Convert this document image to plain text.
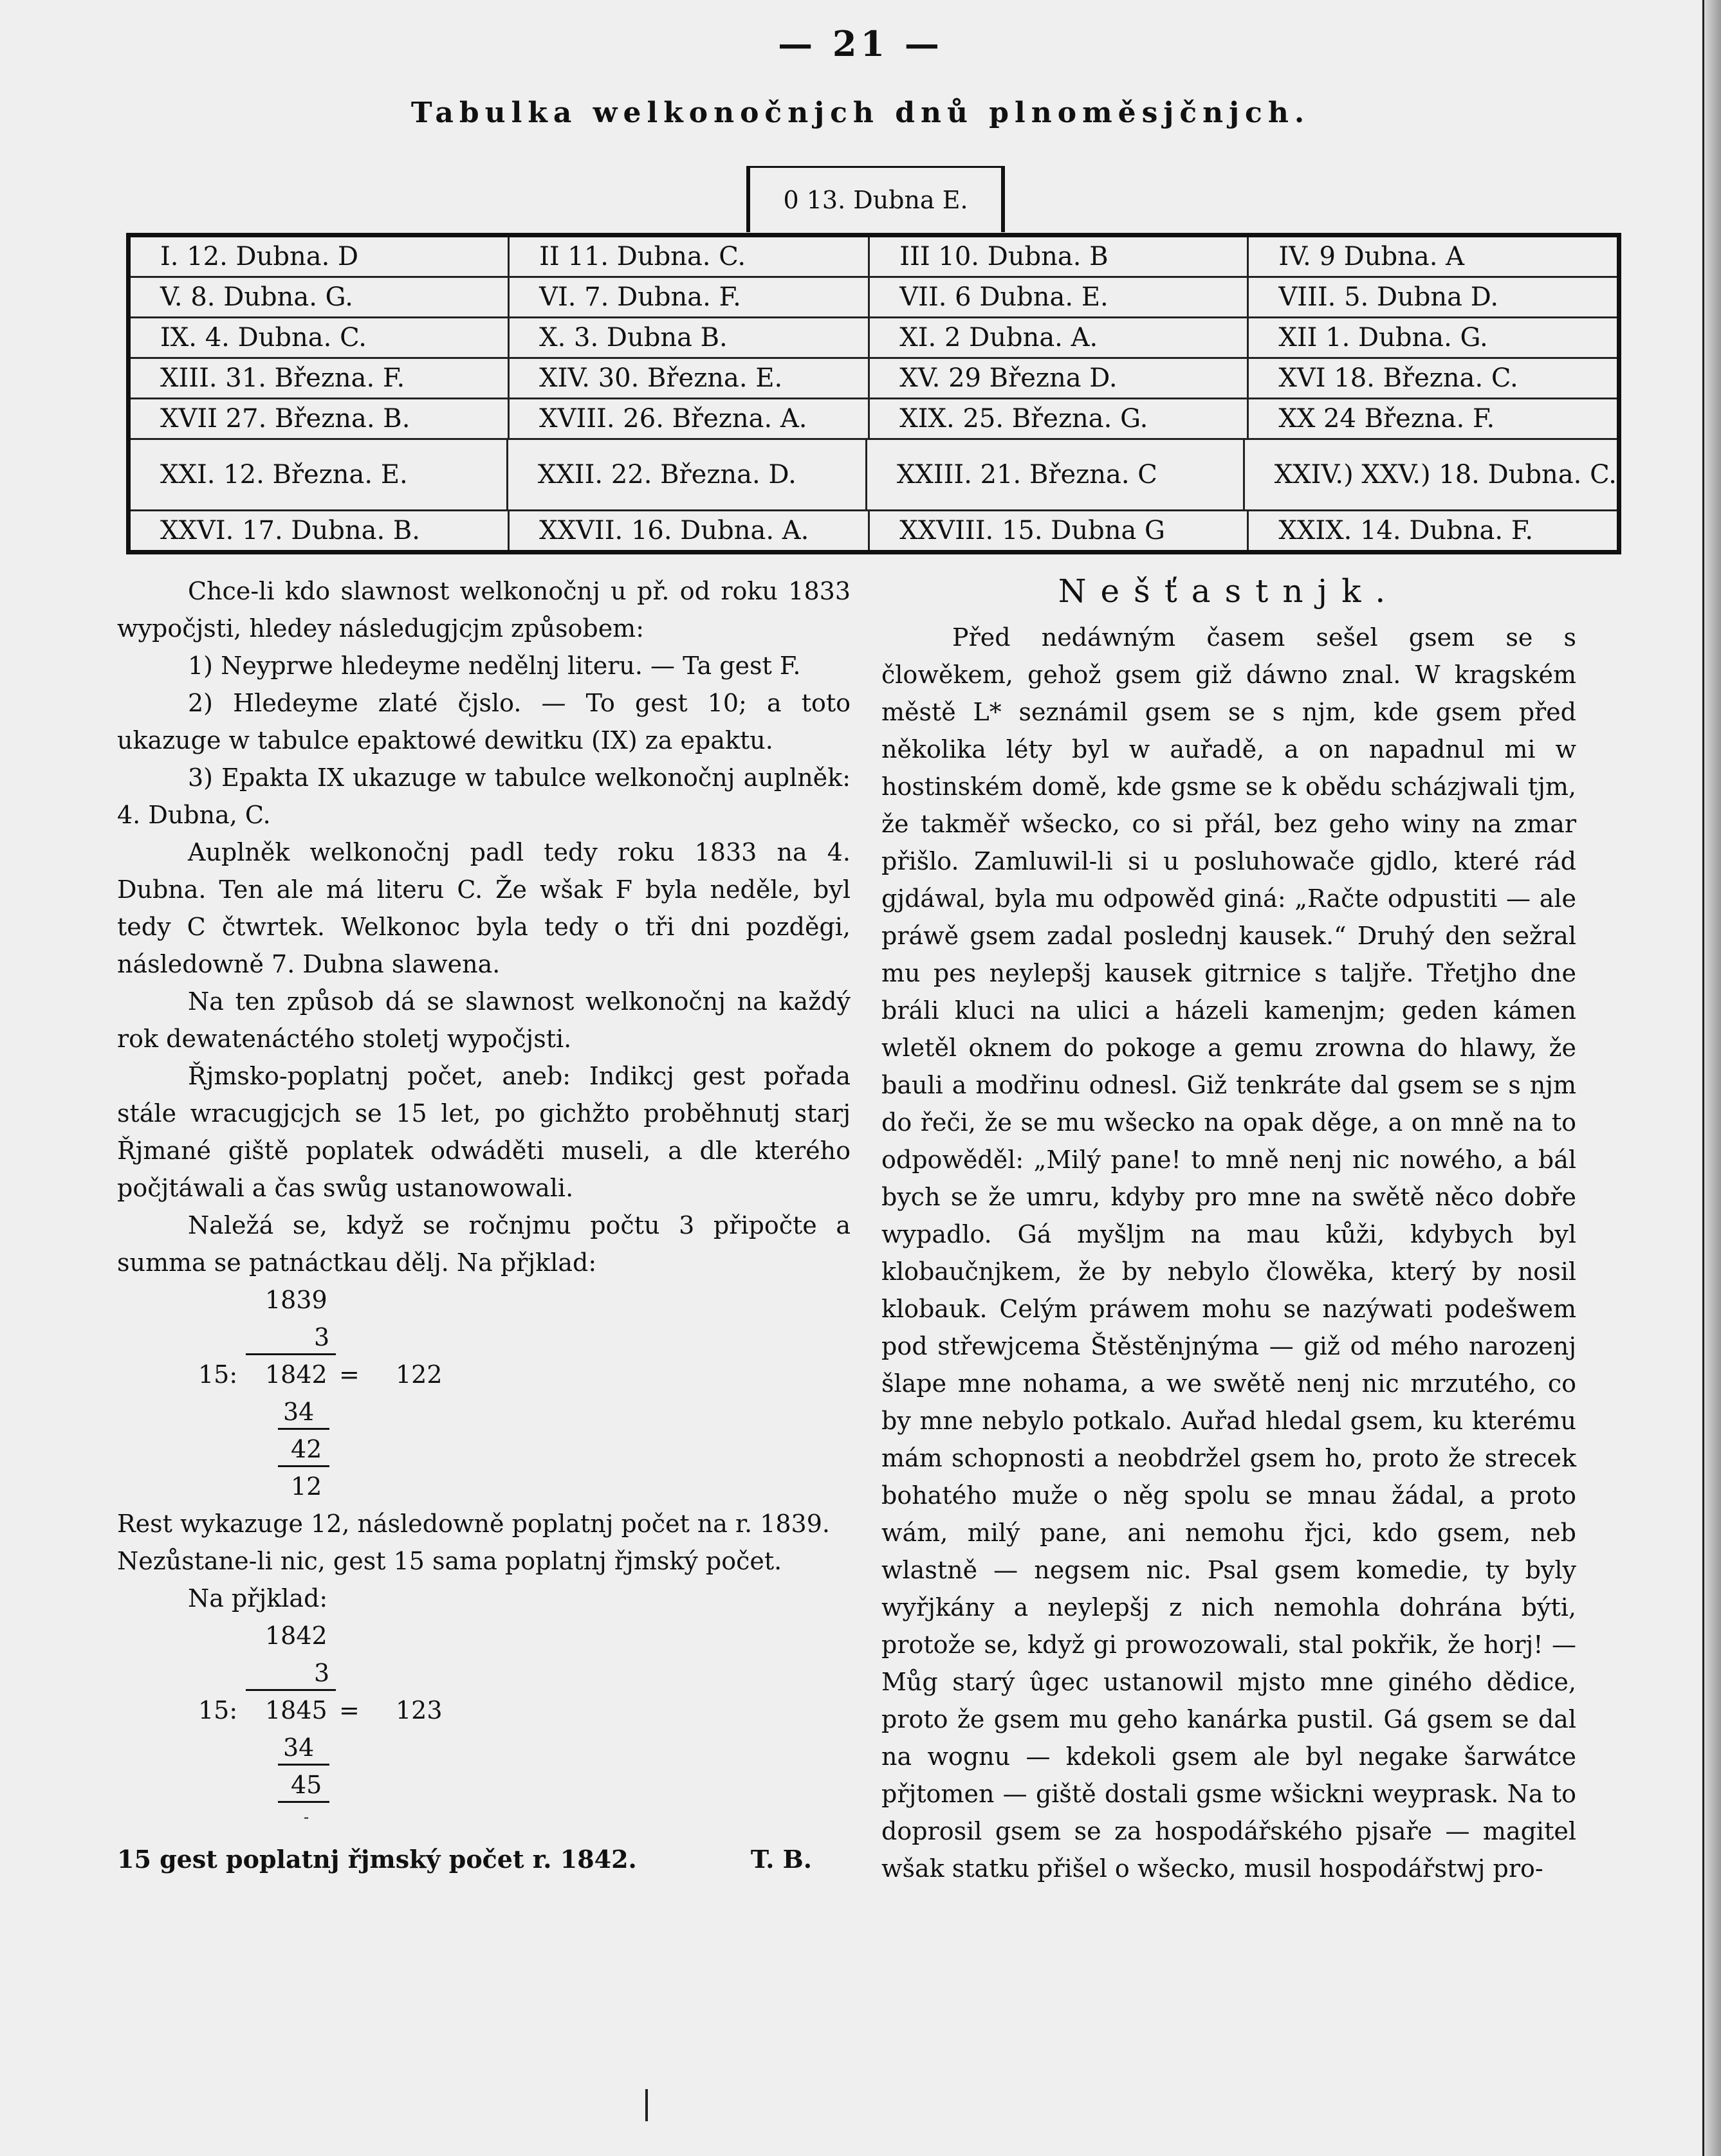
— 21 —
Tabulka welkonočnjch dnů plnoměsjčnjch.
0 13. Dubna E.
I. 12. Dubna. D	II 11. Dubna. C.	III 10. Dubna. B	IV. 9 Dubna. A
V. 8. Dubna. G.	VI. 7. Dubna. F.	VII. 6 Dubna. E.	VIII. 5. Dubna D.
IX. 4. Dubna. C.	X. 3. Dubna B.	XI. 2 Dubna. A.	XII 1. Dubna. G.
XIII. 31. Března. F.	XIV. 30. Března. E.	XV. 29 Března D.	XVI 18. Března. C.
XVII 27. Března. B.	XVIII. 26. Března. A.	XIX. 25. Března. G.	XX 24 Března. F.
XXI. 12. Března. E.	XXII. 22. Března. D.	XXIII. 21. Března. C	XXIV.) XXV.) 18. Dubna. C.
XXVI. 17. Dubna. B.	XXVII. 16. Dubna. A.	XXVIII. 15. Dubna G	XXIX. 14. Dubna. F.

Chce-li kdo slawnost welkonočnj u př. od roku 1833 wypočjsti, hledey následugjcjm způsobem:

1) Neyprwe hledeyme nedělnj literu. — Ta gest F.

2) Hledeyme zlaté čjslo. — To gest 10; a toto ukazuge w tabulce epaktowé dewitku (IX) za epaktu.

3) Epakta IX ukazuge w tabulce welkonočnj auplněk: 4. Dubna, C.

Auplněk welkonočnj padl tedy roku 1833 na 4. Dubna. Ten ale má literu C. Že wšak F byla neděle, byl tedy C čtwrtek. Welkonoc byla tedy o tři dni pozděgi, následowně 7. Dubna slawena.

Na ten způsob dá se slawnost welkonočnj na každý rok dewatenáctého stoletj wypočjsti.

Řjmsko-poplatnj počet, aneb: Indikcj gest pořada stále wracugjcjch se 15 let, po gichžto proběhnutj starj Řjmané giště poplatek odwáděti museli, a dle kterého počjtáwali a čas swůg ustanowowali.

Naležá se, když se ročnjmu počtu 3 připočte a summa se patnáctkau dělj. Na přjklad:

1839
3
15: 1842 = 122
34
42
12

Rest wykazuge 12, následowně poplatnj počet na r. 1839.

Nezůstane-li nic, gest 15 sama poplatnj řjmský počet.

Na přjklad:

1842
3
15: 1845 = 123
34
45
-

15 gest poplatnj řjmský počet r. 1842.	T. B.

Nešťastnjk.

Před nedáwným časem sešel gsem se s člowěkem, gehož gsem giž dáwno znal. W kragském městě L* seznámil gsem se s njm, kde gsem před několika léty byl w auřadě, a on napadnul mi w hostinském domě, kde gsme se k obědu scházjwali tjm, že takměř wšecko, co si přál, bez geho winy na zmar přišlo. Zamluwil-li si u posluhowače gjdlo, které rád gjdáwal, byla mu odpowěd giná: „Račte odpustiti — ale práwě gsem zadal poslednj kausek.“ Druhý den sežral mu pes neylepšj kausek gitrnice s taljře. Třetjho dne bráli kluci na ulici a házeli kamenjm; geden kámen wletěl oknem do pokoge a gemu zrowna do hlawy, že bauli a modřinu odnesl. Giž tenkráte dal gsem se s njm do řeči, že se mu wšecko na opak děge, a on mně na to odpowěděl: „Milý pane! to mně nenj nic nowého, a bál bych se že umru, kdyby pro mne na swětě něco dobře wypadlo. Gá myšljm na mau kůži, kdybych byl klobaučnjkem, že by nebylo člowěka, který by nosil klobauk. Celým práwem mohu se nazýwati podešwem pod střewjcema Štěstěnjnýma — giž od mého narozenj šlape mne nohama, a we swětě nenj nic mrzutého, co by mne nebylo potkalo. Auřad hledal gsem, ku kterému mám schopnosti a neobdržel gsem ho, proto že strecek bohatého muže o něg spolu se mnau žádal, a proto wám, milý pane, ani nemohu řjci, kdo gsem, neb wlastně — negsem nic. Psal gsem komedie, ty byly wyřjkány a neylepšj z nich nemohla dohrána býti, protože se, když gi prowozowali, stal pokřik, že horj! — Můg starý ûgec ustanowil mjsto mne giného dědice, proto že gsem mu geho kanárka pustil. Gá gsem se dal na wognu — kdekoli gsem ale byl negake šarwátce přjtomen — giště dostali gsme wšickni weyprask. Na to doprosil gsem se za hospodářského pjsaře — magitel wšak statku přišel o wšecko, musil hospodářstwj pro-
